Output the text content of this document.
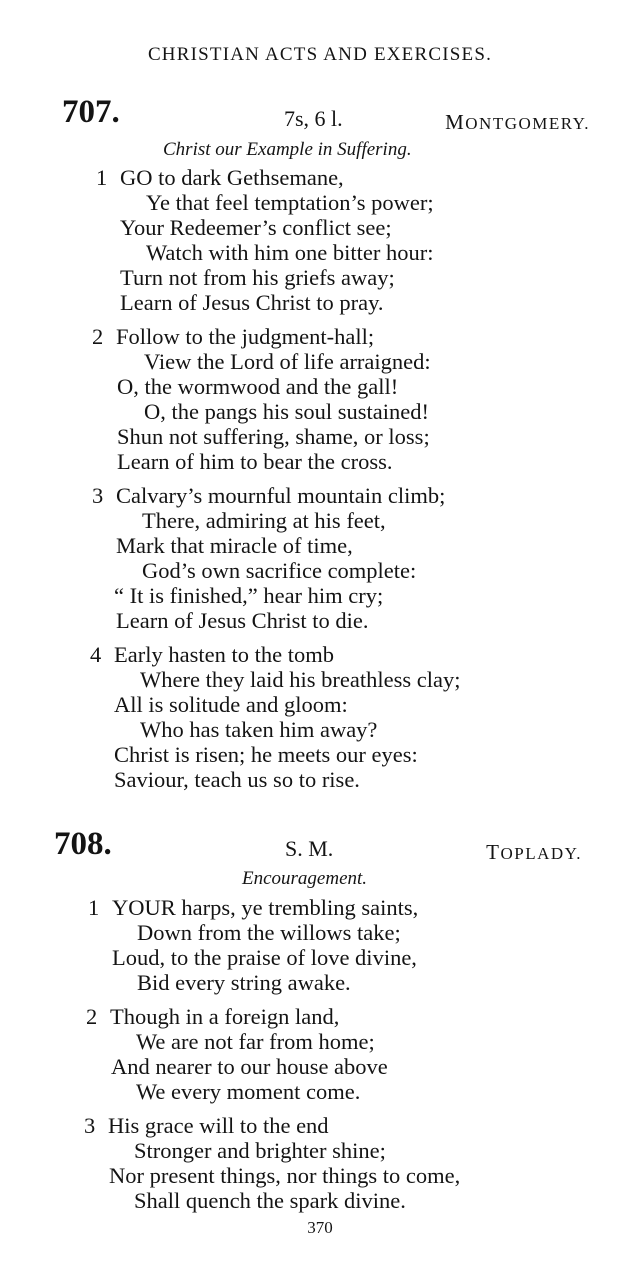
CHRISTIAN ACTS AND EXERCISES.
707.	7s, 6 l.	MONTGOMERY.
Christ our Example in Suffering.
1 GO to dark Gethsemane,
Ye that feel temptation’s power;
Your Redeemer’s conflict see;
Watch with him one bitter hour:
Turn not from his griefs away;
Learn of Jesus Christ to pray.
2 Follow to the judgment-hall;
View the Lord of life arraigned:
O, the wormwood and the gall!
O, the pangs his soul sustained!
Shun not suffering, shame, or loss;
Learn of him to bear the cross.
3 Calvary’s mournful mountain climb;
There, admiring at his feet,
Mark that miracle of time,
God’s own sacrifice complete:
“ It is finished,” hear him cry;
Learn of Jesus Christ to die.
4 Early hasten to the tomb
Where they laid his breathless clay;
All is solitude and gloom:
Who has taken him away?
Christ is risen; he meets our eyes:
Saviour, teach us so to rise.
708.	S. M.	TOPLADY.
Encouragement.
1 YOUR harps, ye trembling saints,
Down from the willows take;
Loud, to the praise of love divine,
Bid every string awake.
2 Though in a foreign land,
We are not far from home;
And nearer to our house above
We every moment come.
3 His grace will to the end
Stronger and brighter shine;
Nor present things, nor things to come,
Shall quench the spark divine.
370
